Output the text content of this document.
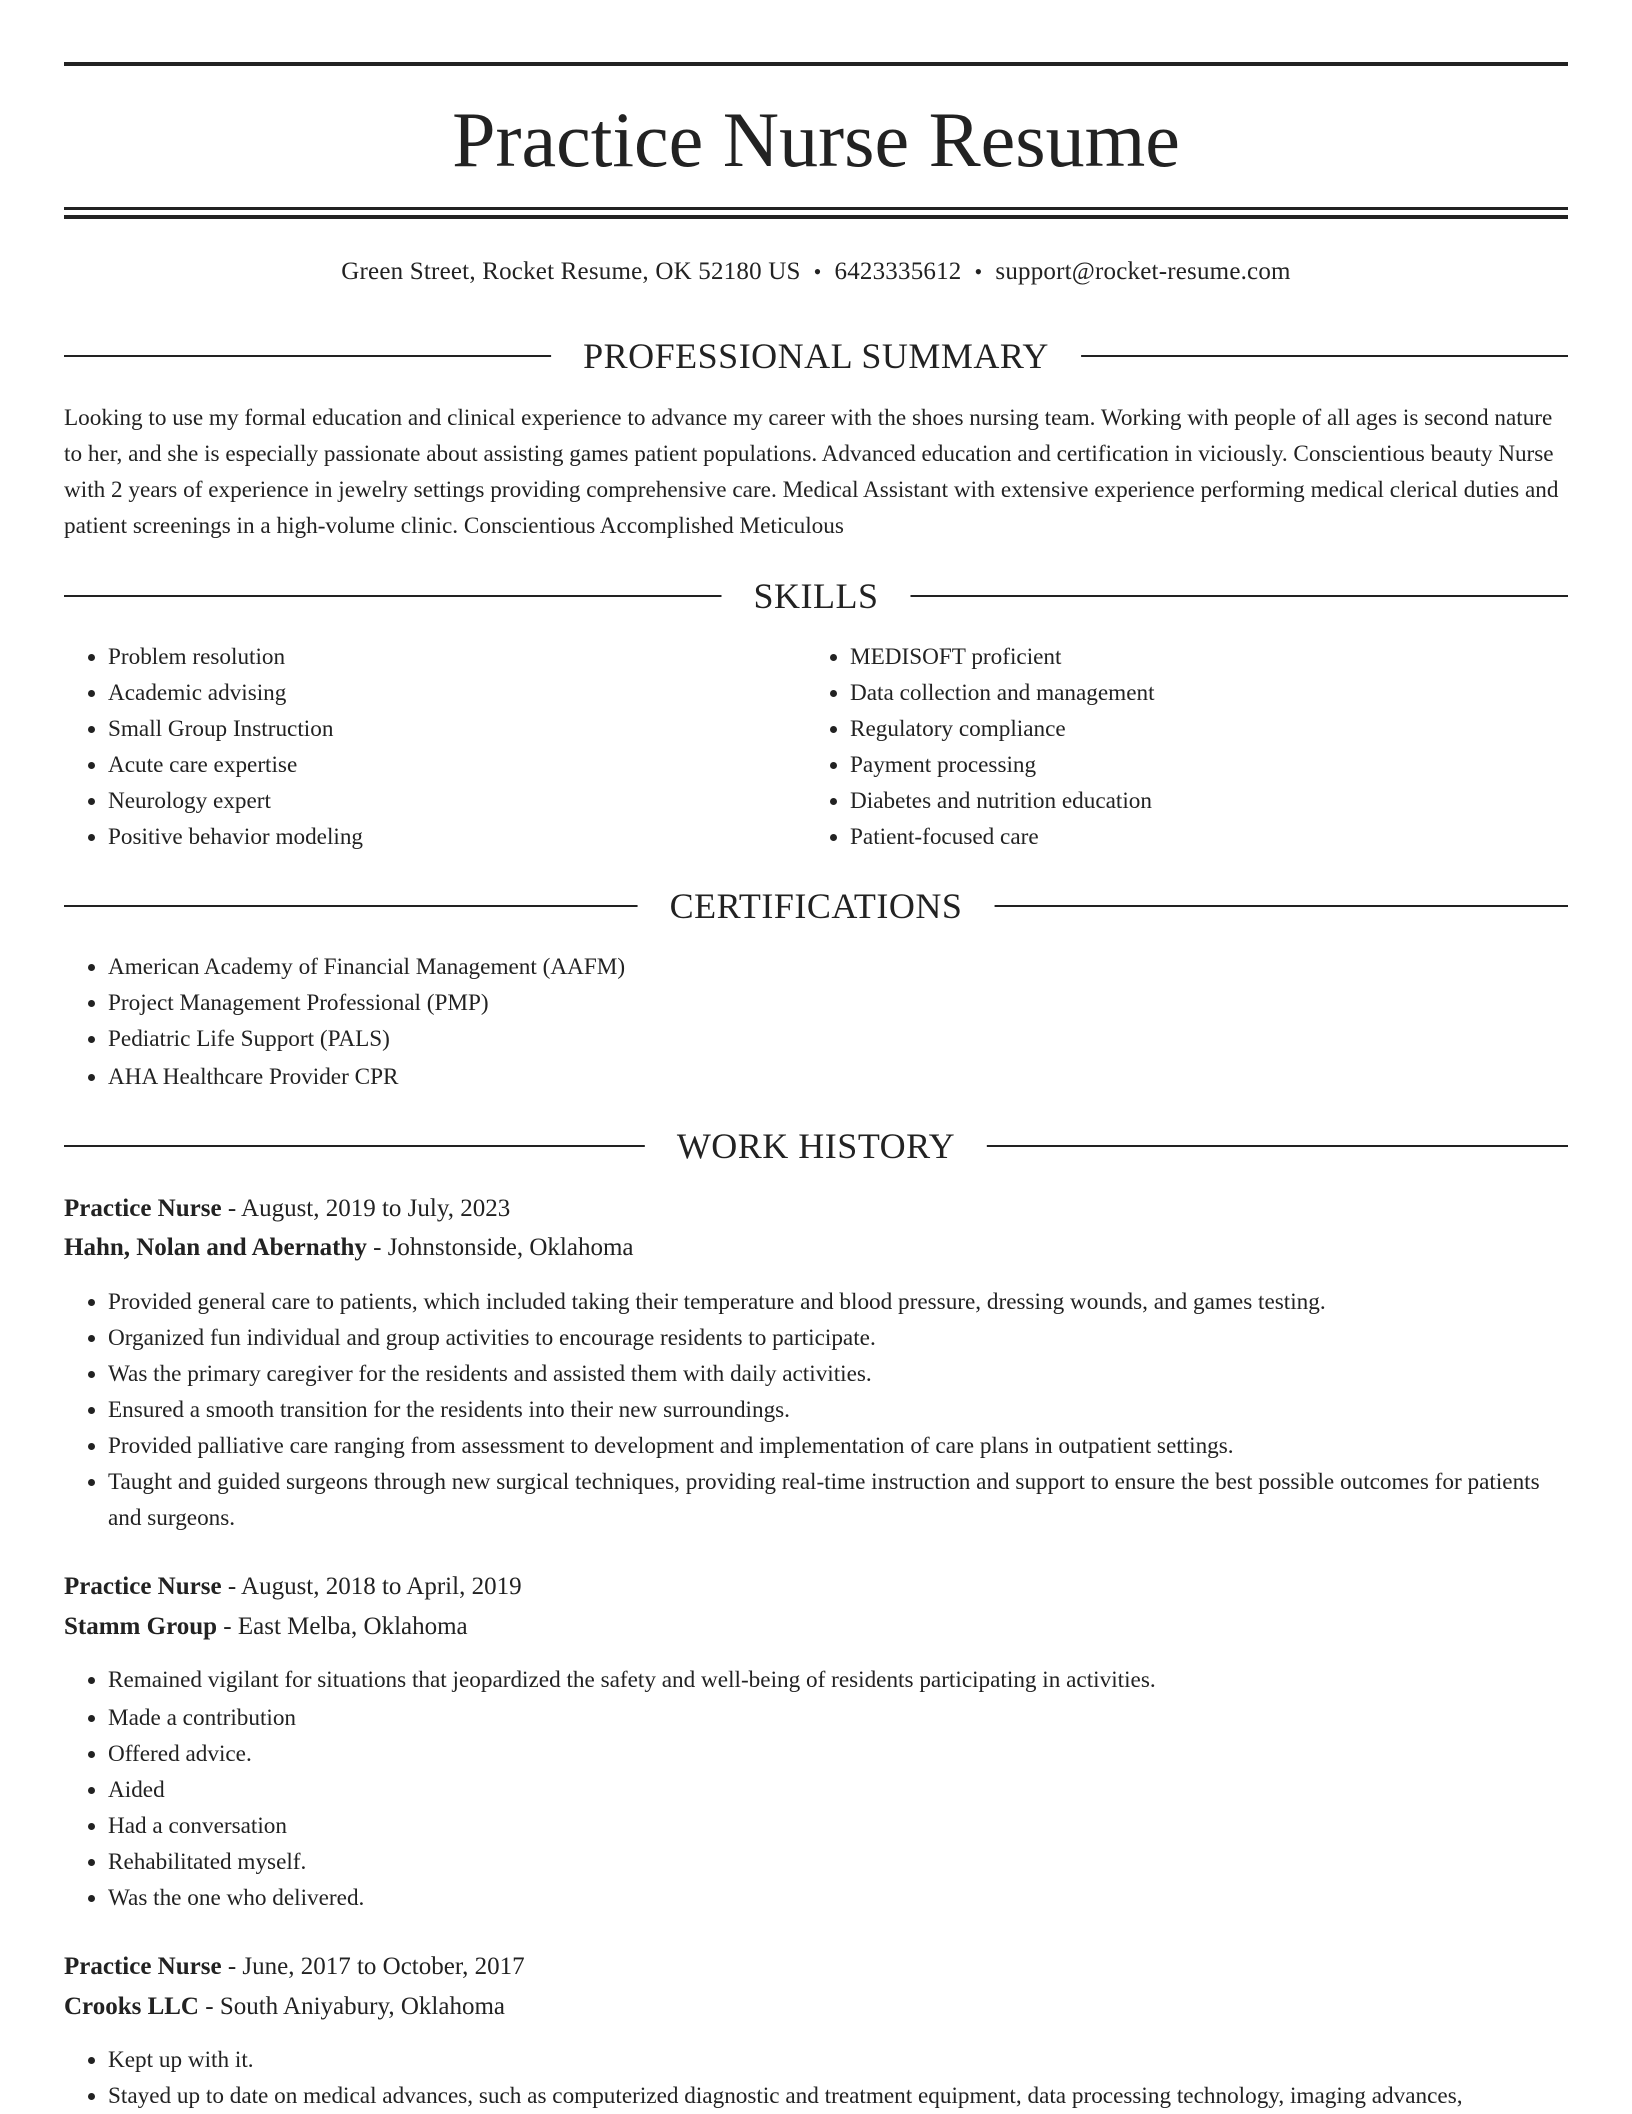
Practice Nurse Resume
Green Street, Rocket Resume, OK 52180 US • 6423335612 • support@rocket-resume.com
PROFESSIONAL SUMMARY

Looking to use my formal education and clinical experience to advance my career with the shoes nursing team. Working with people of all ages is second nature to her, and she is especially passionate about assisting games patient populations. Advanced education and certification in viciously. Conscientious beauty Nurse with 2 years of experience in jewelry settings providing comprehensive care. Medical Assistant with extensive experience performing medical clerical duties and patient screenings in a high-volume clinic. Conscientious Accomplished Meticulous

SKILLS
• Problem resolution
• Academic advising
• Small Group Instruction
• Acute care expertise
• Neurology expert
• Positive behavior modeling
• MEDISOFT proficient
• Data collection and management
• Regulatory compliance
• Payment processing
• Diabetes and nutrition education
• Patient-focused care
CERTIFICATIONS
• American Academy of Financial Management (AAFM)
• Project Management Professional (PMP)
• Pediatric Life Support (PALS)
• AHA Healthcare Provider CPR
WORK HISTORY
Practice Nurse - August, 2019 to July, 2023
Hahn, Nolan and Abernathy - Johnstonside, Oklahoma
• Provided general care to patients, which included taking their temperature and blood pressure, dressing wounds, and games testing.
• Organized fun individual and group activities to encourage residents to participate.
• Was the primary caregiver for the residents and assisted them with daily activities.
• Ensured a smooth transition for the residents into their new surroundings.
• Provided palliative care ranging from assessment to development and implementation of care plans in outpatient settings.
• Taught and guided surgeons through new surgical techniques, providing real-time instruction and support to ensure the best possible outcomes for patients and surgeons.
Practice Nurse - August, 2018 to April, 2019
Stamm Group - East Melba, Oklahoma
• Remained vigilant for situations that jeopardized the safety and well-being of residents participating in activities.
• Made a contribution
• Offered advice.
• Aided
• Had a conversation
• Rehabilitated myself.
• Was the one who delivered.
Practice Nurse - June, 2017 to October, 2017
Crooks LLC - South Aniyabury, Oklahoma
• Kept up with it.
• Stayed up to date on medical advances, such as computerized diagnostic and treatment equipment, data processing technology, imaging advances,
